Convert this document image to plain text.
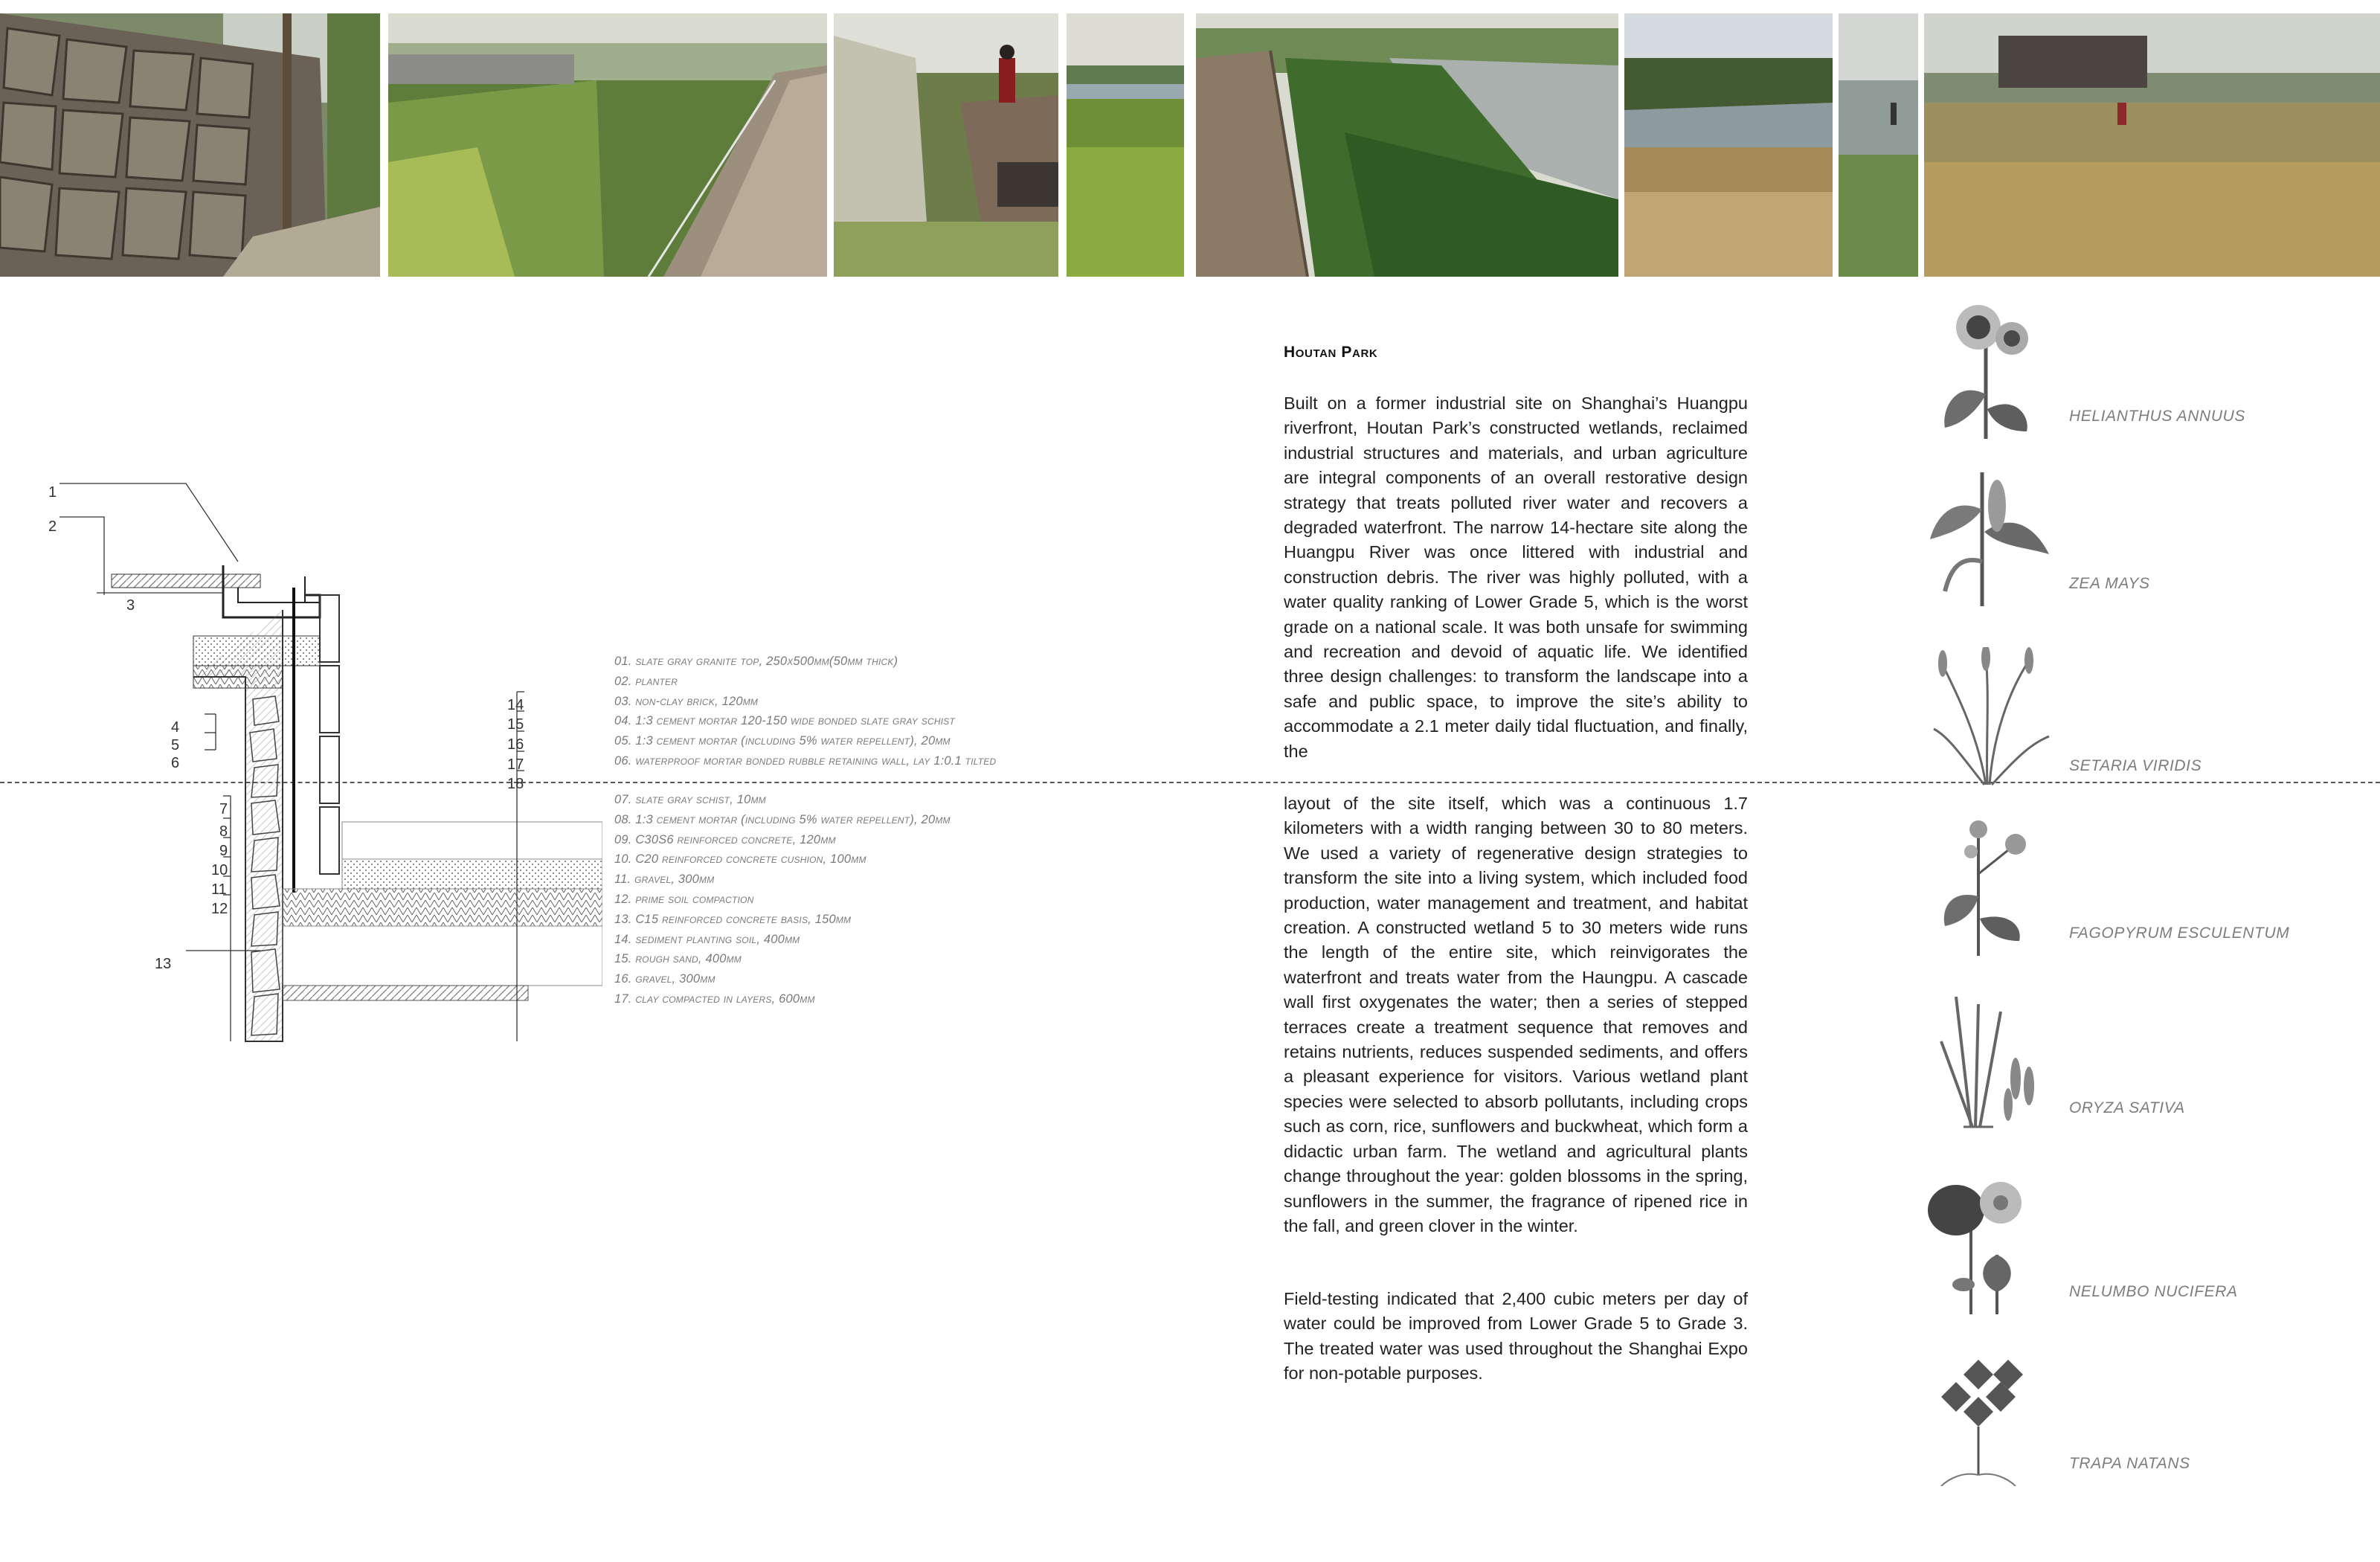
1
2
3
4
5
6
7
8
9
10
11
12
13
14
15
16
17
18
01. slate gray granite top, 250x500mm(50mm thick)
02. planter
03. non-clay brick, 120mm
04. 1:3 cement mortar 120-150 wide bonded slate gray schist
05. 1:3 cement mortar (including 5% water repellent), 20mm
06. waterproof mortar bonded rubble retaining wall, lay 1:0.1 tilted
07. slate gray schist, 10mm
08. 1:3 cement mortar (including 5% water repellent), 20mm
09. C30S6 reinforced concrete, 120mm
10. C20 reinforced concrete cushion, 100mm
11. gravel, 300mm
12. prime soil compaction
13. C15 reinforced concrete basis, 150mm
14. sediment planting soil, 400mm
15. rough sand, 400mm
16. gravel, 300mm
17. clay compacted in layers, 600mm
Houtan Park

Built on a former industrial site on Shanghai’s Huangpu riverfront, Houtan Park’s constructed wetlands, reclaimed industrial structures and materials, and urban agriculture are integral components of an overall restorative design strategy that treats polluted river water and recovers a degraded waterfront. The narrow 14-hectare site along the Huangpu River was once littered with industrial and construction debris. The river was highly polluted, with a water quality ranking of Lower Grade 5, which is the worst grade on a national scale. It was both unsafe for swimming and recreation and devoid of aquatic life. We identified three design challenges: to transform the landscape into a safe and public space, to improve the site’s ability to accommodate a 2.1 meter daily tidal fluctuation, and finally, the

layout of the site itself, which was a continuous 1.7 kilometers with a width ranging between 30 to 80 meters. We used a variety of regenerative design strategies to transform the site into a living system, which included food production, water management and treatment, and habitat creation. A constructed wetland 5 to 30 meters wide runs the length of the entire site, which reinvigorates the waterfront and treats water from the Haungpu. A cascade wall first oxygenates the water; then a series of stepped terraces create a treatment sequence that removes and retains nutrients, reduces suspended sediments, and offers a pleasant experience for visitors. Various wetland plant species were selected to absorb pollutants, including crops such as corn, rice, sunflowers and buckwheat, which form a didactic urban farm. The wetland and agricultural plants change throughout the year: golden blossoms in the spring, sunflowers in the summer, the fragrance of ripened rice in the fall, and green clover in the winter.

Field-testing indicated that 2,400 cubic meters per day of water could be improved from Lower Grade 5 to Grade 3. The treated water was used throughout the Shanghai Expo for non-potable purposes.

HELIANTHUS ANNUUS
ZEA MAYS
SETARIA VIRIDIS
FAGOPYRUM ESCULENTUM
ORYZA SATIVA
NELUMBO NUCIFERA
TRAPA NATANS
